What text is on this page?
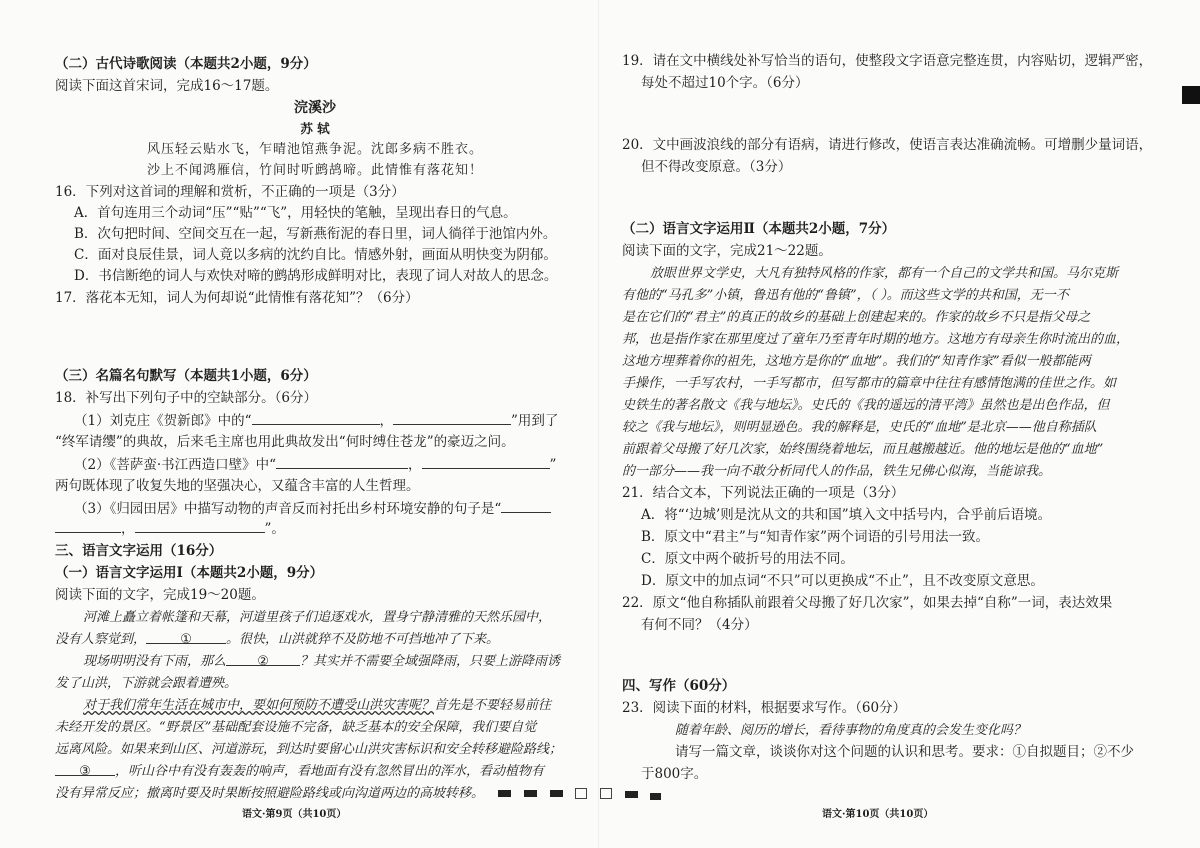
（二）古代诗歌阅读（本题共2小题，9分）
阅读下面这首宋词，完成16～17题。
浣溪沙
苏 轼
风压轻云贴水飞，乍晴池馆燕争泥。沈郎多病不胜衣。
沙上不闻鸿雁信，竹间时听鹧鸪啼。此情惟有落花知！
16．下列对这首词的理解和赏析，不正确的一项是（3分）
A．首句连用三个动词“压”“贴”“飞”，用轻快的笔触，呈现出春日的气息。
B．次句把时间、空间交互在一起，写新燕衔泥的春日里，词人徜徉于池馆内外。
C．面对良辰佳景，词人竟以多病的沈约自比。情感外射，画面从明快变为阴郁。
D．书信断绝的词人与欢快对啼的鹧鸪形成鲜明对比，表现了词人对故人的思念。
17．落花本无知，词人为何却说“此情惟有落花知”？（6分）
（三）名篇名句默写（本题共1小题，6分）
18．补写出下列句子中的空缺部分。（6分）
（1）刘克庄《贺新郎》中的“	，	”用到了
“终军请缨”的典故，后来毛主席也用此典故发出“何时缚住苍龙”的豪迈之问。
（2）《菩萨蛮·书江西造口壁》中“	，	”
两句既体现了收复失地的坚强决心，又蕴含丰富的人生哲理。
（3）《归园田居》中描写动物的声音反而衬托出乡村环境安静的句子是“
，	”。
三、语言文字运用（16分）
（一）语言文字运用Ⅰ（本题共2小题，9分）
阅读下面的文字，完成19～20题。
河滩上矗立着帐篷和天幕，河道里孩子们追逐戏水，置身宁静清雅的天然乐园中，
没有人察觉到，	①	。很快，山洪就猝不及防地不可挡地冲了下来。
现场明明没有下雨，那么 ② ？其实并不需要全域强降雨，只要上游降雨诱
发了山洪，下游就会跟着遭殃。
对于我们常年生活在城市中，要如何预防不遭受山洪灾害呢？首先是不要轻易前往
未经开发的景区。“野景区”基础配套设施不完备，缺乏基本的安全保障，我们要自觉
远离风险。如果来到山区、河道游玩，到达时要留心山洪灾害标识和安全转移避险路线；
③ ，听山谷中有没有轰轰的响声，看地面有没有忽然冒出的浑水，看动植物有
没有异常反应；撤离时要及时果断按照避险路线或向沟道两边的高坡转移。
语文·第9页（共10页）
19．请在文中横线处补写恰当的语句，使整段文字语意完整连贯，内容贴切，逻辑严密，
每处不超过10个字。（6分）
20．文中画波浪线的部分有语病，请进行修改，使语言表达准确流畅。可增删少量词语，
但不得改变原意。（3分）
（二）语言文字运用Ⅱ（本题共2小题，7分）
阅读下面的文字，完成21～22题。
放眼世界文学史，大凡有独特风格的作家，都有一个自己的文学共和国。马尔克斯
有他的“马孔多”小镇，鲁迅有他的“鲁镇”，（ ）。而这些文学的共和国，无一不
是在它们的“君主”的真正的故乡的基础上创建起来的。作家的故乡不只是指父母之
邦，也是指作家在那里度过了童年乃至青年时期的地方。这地方有母亲生你时流出的血，
这地方埋葬着你的祖先，这地方是你的“血地”。我们的“知青作家”看似一般都能两
手操作，一手写农村，一手写都市，但写都市的篇章中往往有感情饱满的佳世之作。如
史铁生的著名散文《我与地坛》。史氏的《我的遥远的清平湾》虽然也是出色作品，但
较之《我与地坛》，则明显逊色。我的解释是，史氏的“血地”是北京——他自称插队
前跟着父母搬了好几次家，始终围绕着地坛，而且越搬越近。他的地坛是他的“血地”
的一部分——我一向不敢分析同代人的作品，铁生兄佛心似海，当能谅我。
21．结合文本，下列说法正确的一项是（3分）
A．将“‘边城’则是沈从文的共和国”填入文中括号内，合乎前后语境。
B．原文中“君主”与“知青作家”两个词语的引号用法一致。
C．原文中两个破折号的用法不同。
D．原文中的加点词“不只”可以更换成“不止”，且不改变原文意思。
22．原文“他自称插队前跟着父母搬了好几次家”，如果去掉“自称”一词，表达效果
有何不同？（4分）
四、写作（60分）
23．阅读下面的材料，根据要求写作。（60分）
随着年龄、阅历的增长，看待事物的角度真的会发生变化吗？
请写一篇文章，谈谈你对这个问题的认识和思考。要求：①自拟题目；②不少
于800字。
语文·第10页（共10页）
